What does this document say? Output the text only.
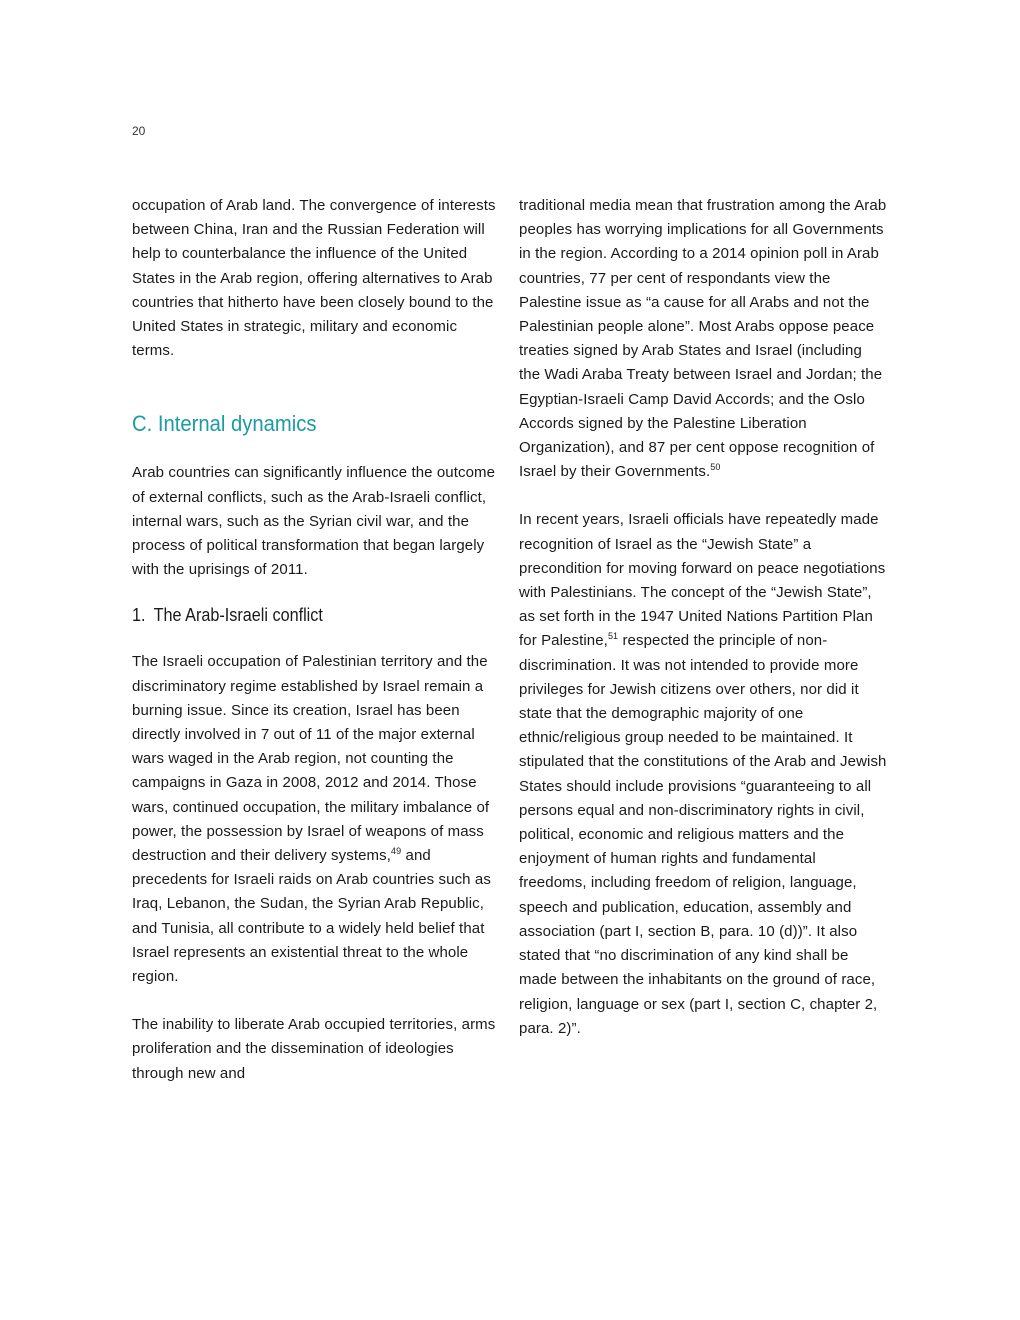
20

occupation of Arab land. The convergence of interests between China, Iran and the Russian Federation will help to counterbalance the influence of the United States in the Arab region, offering alternatives to Arab countries that hitherto have been closely bound to the United States in strategic, military and economic terms.

C. Internal dynamics

Arab countries can significantly influence the outcome of external conflicts, such as the Arab-Israeli conflict, internal wars, such as the Syrian civil war, and the process of political transformation that began largely with the uprisings of 2011.

1. The Arab-Israeli conflict

The Israeli occupation of Palestinian territory and the discriminatory regime established by Israel remain a burning issue. Since its creation, Israel has been directly involved in 7 out of 11 of the major external wars waged in the Arab region, not counting the campaigns in Gaza in 2008, 2012 and 2014. Those wars, continued occupation, the military imbalance of power, the possession by Israel of weapons of mass destruction and their delivery systems,$^{49}$ and precedents for Israeli raids on Arab countries such as Iraq, Lebanon, the Sudan, the Syrian Arab Republic, and Tunisia, all contribute to a widely held belief that Israel represents an existential threat to the whole region.

The inability to liberate Arab occupied territories, arms proliferation and the dissemination of ideologies through new and

traditional media mean that frustration among the Arab peoples has worrying implications for all Governments in the region. According to a 2014 opinion poll in Arab countries, 77 per cent of respondants view the Palestine issue as “a cause for all Arabs and not the Palestinian people alone”. Most Arabs oppose peace treaties signed by Arab States and Israel (including the Wadi Araba Treaty between Israel and Jordan; the Egyptian-Israeli Camp David Accords; and the Oslo Accords signed by the Palestine Liberation Organization), and 87 per cent oppose recognition of Israel by their Governments.$^{50}$

In recent years, Israeli officials have repeatedly made recognition of Israel as the “Jewish State” a precondition for moving forward on peace negotiations with Palestinians. The concept of the “Jewish State”, as set forth in the 1947 United Nations Partition Plan for Palestine,$^{51}$ respected the principle of non-discrimination. It was not intended to provide more privileges for Jewish citizens over others, nor did it state that the demographic majority of one ethnic/religious group needed to be maintained. It stipulated that the constitutions of the Arab and Jewish States should include provisions “guaranteeing to all persons equal and non-discriminatory rights in civil, political, economic and religious matters and the enjoyment of human rights and fundamental freedoms, including freedom of religion, language, speech and publication, education, assembly and association (part I, section B, para. 10 (d))”. It also stated that “no discrimination of any kind shall be made between the inhabitants on the ground of race, religion, language or sex (part I, section C, chapter 2, para. 2)”.
